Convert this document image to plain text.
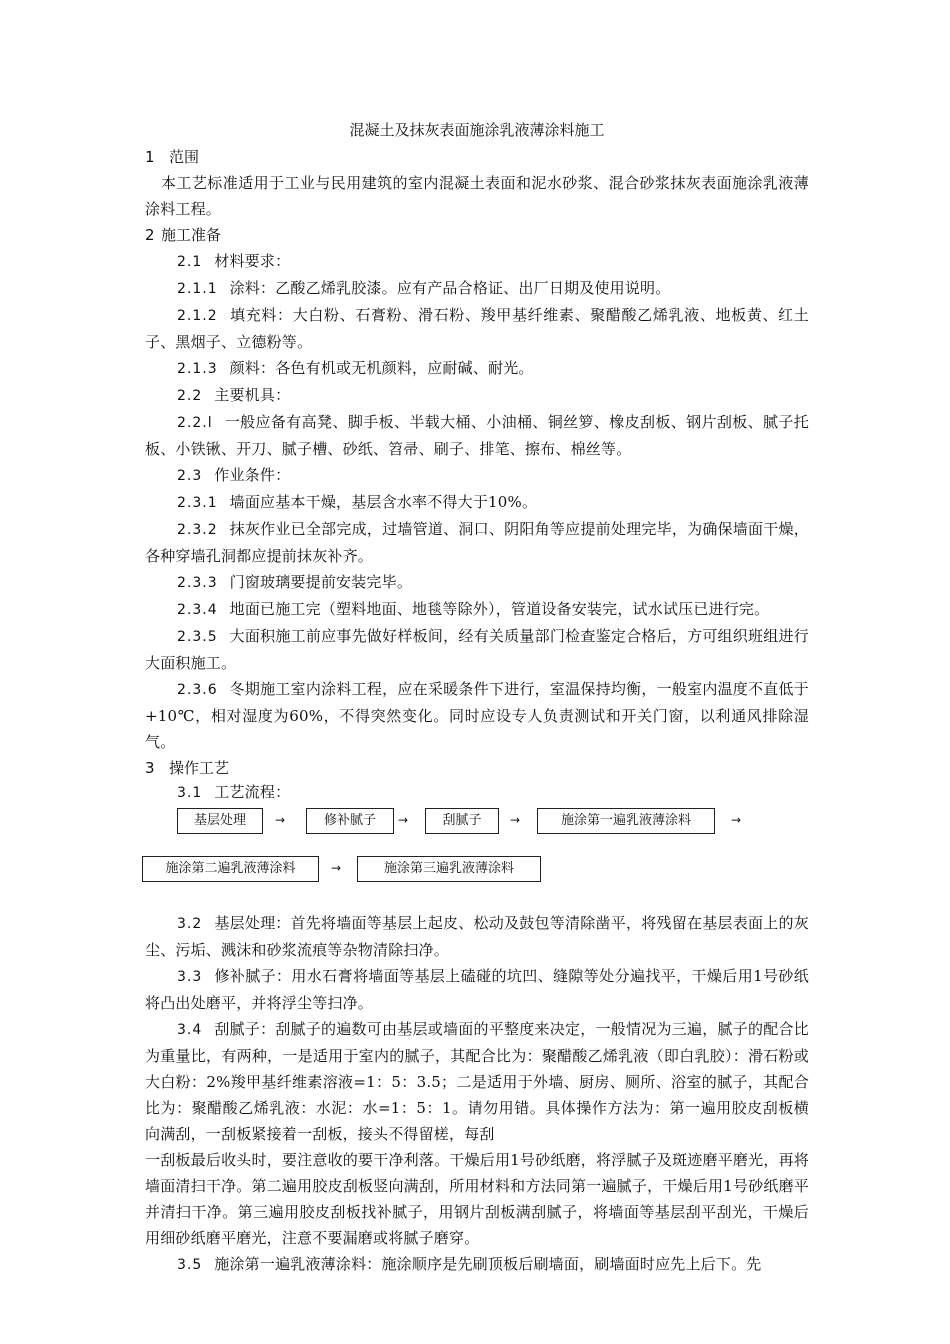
混凝土及抹灰表面施涂乳液薄涂料施工
1 范围
本工艺标准适用于工业与民用建筑的室内混凝土表面和泥水砂浆、混合砂浆抹灰表面施涂乳液薄涂料工程。
2 施工准备
2.1 材料要求：
2.1.1 涂料：乙酸乙烯乳胶漆。应有产品合格证、出厂日期及使用说明。
2.1.2 填充料：大白粉、石膏粉、滑石粉、羧甲基纤维素、聚醋酸乙烯乳液、地板黄、红土子、黑烟子、立德粉等。
2.1.3 颜料：各色有机或无机颜料，应耐碱、耐光。
2.2 主要机具：
2.2.l 一般应备有高凳、脚手板、半载大桶、小油桶、铜丝箩、橡皮刮板、钢片刮板、腻子托板、小铁锹、开刀、腻子槽、砂纸、笤帚、刷子、排笔、擦布、棉丝等。
2.3 作业条件：
2.3.1 墙面应基本干燥，基层含水率不得大于10%。
2.3.2 抹灰作业已全部完成，过墙管道、洞口、阴阳角等应提前处理完毕，为确保墙面干燥，各种穿墙孔洞都应提前抹灰补齐。
2.3.3 门窗玻璃要提前安装完毕。
2.3.4 地面已施工完（塑料地面、地毯等除外），管道设备安装完，试水试压已进行完。
2.3.5 大面积施工前应事先做好样板间，经有关质量部门检查鉴定合格后，方可组织班组进行大面积施工。
2.3.6 冬期施工室内涂料工程，应在采暖条件下进行，室温保持均衡，一般室内温度不直低于+10℃，相对湿度为60%，不得突然变化。同时应设专人负责测试和开关门窗，以利通风排除湿气。
3 操作工艺
3.1 工艺流程：
基层处理	→	修补腻子	→	刮腻子	→	施涂第一遍乳液薄涂料	→
施涂第二遍乳液薄涂料	→	施涂第三遍乳液薄涂料
3.2 基层处理：首先将墙面等基层上起皮、松动及鼓包等清除凿平，将残留在基层表面上的灰尘、污垢、溅沫和砂浆流痕等杂物清除扫净。
3.3 修补腻子：用水石膏将墙面等基层上磕碰的坑凹、缝隙等处分遍找平，干燥后用1号砂纸将凸出处磨平，并将浮尘等扫净。
3.4 刮腻子：刮腻子的遍数可由基层或墙面的平整度来决定，一般情况为三遍，腻子的配合比为重量比，有两种，一是适用于室内的腻子，其配合比为：聚醋酸乙烯乳液（即白乳胶）：滑石粉或大白粉：2%羧甲基纤维素溶液=1：5：3.5；二是适用于外墙、厨房、厕所、浴室的腻子，其配合比为：聚醋酸乙烯乳液：水泥：水=1：5：1。请勿用错。具体操作方法为：第一遍用胶皮刮板横向满刮，一刮板紧接着一刮板，接头不得留槎，每刮
一刮板最后收头时，要注意收的要干净利落。干燥后用1号砂纸磨，将浮腻子及斑迹磨平磨光，再将墙面清扫干净。第二遍用胶皮刮板竖向满刮，所用材料和方法同第一遍腻子，干燥后用1号砂纸磨平并清扫干净。第三遍用胶皮刮板找补腻子，用钢片刮板满刮腻子，将墙面等基层刮平刮光，干燥后用细砂纸磨平磨光，注意不要漏磨或将腻子磨穿。
3.5 施涂第一遍乳液薄涂料：施涂顺序是先刷顶板后刷墙面，刷墙面时应先上后下。先
